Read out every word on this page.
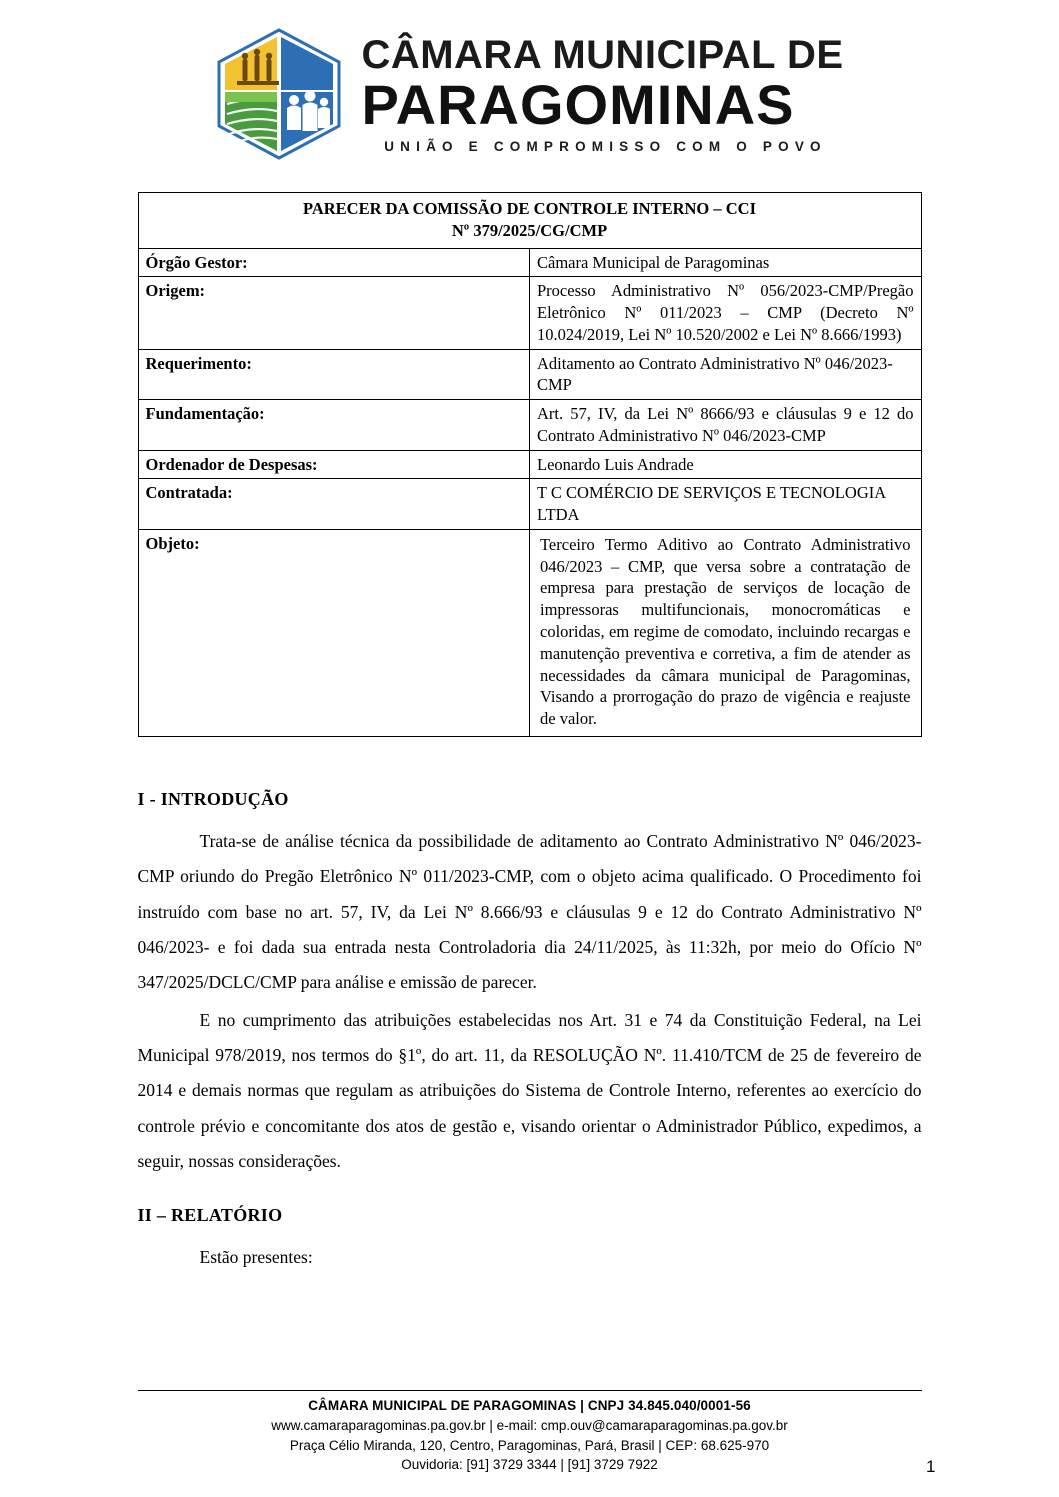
CÂMARA MUNICIPAL DE
PARAGOMINAS
UNIÃO E COMPROMISSO COM O POVO
PARECER DA COMISSÃO DE CONTROLE INTERNO – CCI
Nº 379/2025/CG/CMP	

Órgão Gestor:	Câmara Municipal de Paragominas
Origem:	Processo Administrativo Nº 056/2023-CMP/Pregão Eletrônico Nº 011/2023 – CMP (Decreto Nº 10.024/2019, Lei Nº 10.520/2002 e Lei Nº 8.666/1993)
Requerimento:	Aditamento ao Contrato Administrativo Nº 046/2023-CMP
Fundamentação:	Art. 57, IV, da Lei Nº 8666/93 e cláusulas 9 e 12 do Contrato Administrativo Nº 046/2023-CMP
Ordenador de Despesas:	Leonardo Luis Andrade
Contratada:	T C COMÉRCIO DE SERVIÇOS E TECNOLOGIA LTDA
Objeto:	Terceiro Termo Aditivo ao Contrato Administrativo 046/2023 – CMP, que versa sobre a contratação de empresa para prestação de serviços de locação de impressoras multifuncionais, monocromáticas e coloridas, em regime de comodato, incluindo recargas e manutenção preventiva e corretiva, a fim de atender as necessidades da câmara municipal de Paragominas, Visando a prorrogação do prazo de vigência e reajuste de valor.
I - INTRODUÇÃO

Trata-se de análise técnica da possibilidade de aditamento ao Contrato Administrativo Nº 046/2023-CMP oriundo do Pregão Eletrônico Nº 011/2023-CMP, com o objeto acima qualificado. O Procedimento foi instruído com base no art. 57, IV, da Lei Nº 8.666/93 e cláusulas 9 e 12 do Contrato Administrativo Nº 046/2023- e foi dada sua entrada nesta Controladoria dia 24/11/2025, às 11:32h, por meio do Ofício Nº 347/2025/DCLC/CMP para análise e emissão de parecer.

E no cumprimento das atribuições estabelecidas nos Art. 31 e 74 da Constituição Federal, na Lei Municipal 978/2019, nos termos do §1º, do art. 11, da RESOLUÇÃO Nº. 11.410/TCM de 25 de fevereiro de 2014 e demais normas que regulam as atribuições do Sistema de Controle Interno, referentes ao exercício do controle prévio e concomitante dos atos de gestão e, visando orientar o Administrador Público, expedimos, a seguir, nossas considerações.

II – RELATÓRIO

Estão presentes:

CÂMARA MUNICIPAL DE PARAGOMINAS | CNPJ 34.845.040/0001-56
www.camaraparagominas.pa.gov.br | e-mail: cmp.ouv@camaraparagominas.pa.gov.br
Praça Célio Miranda, 120, Centro, Paragominas, Pará, Brasil | CEP: 68.625-970
Ouvidoria: [91] 3729 3344 | [91] 3729 7922	1
